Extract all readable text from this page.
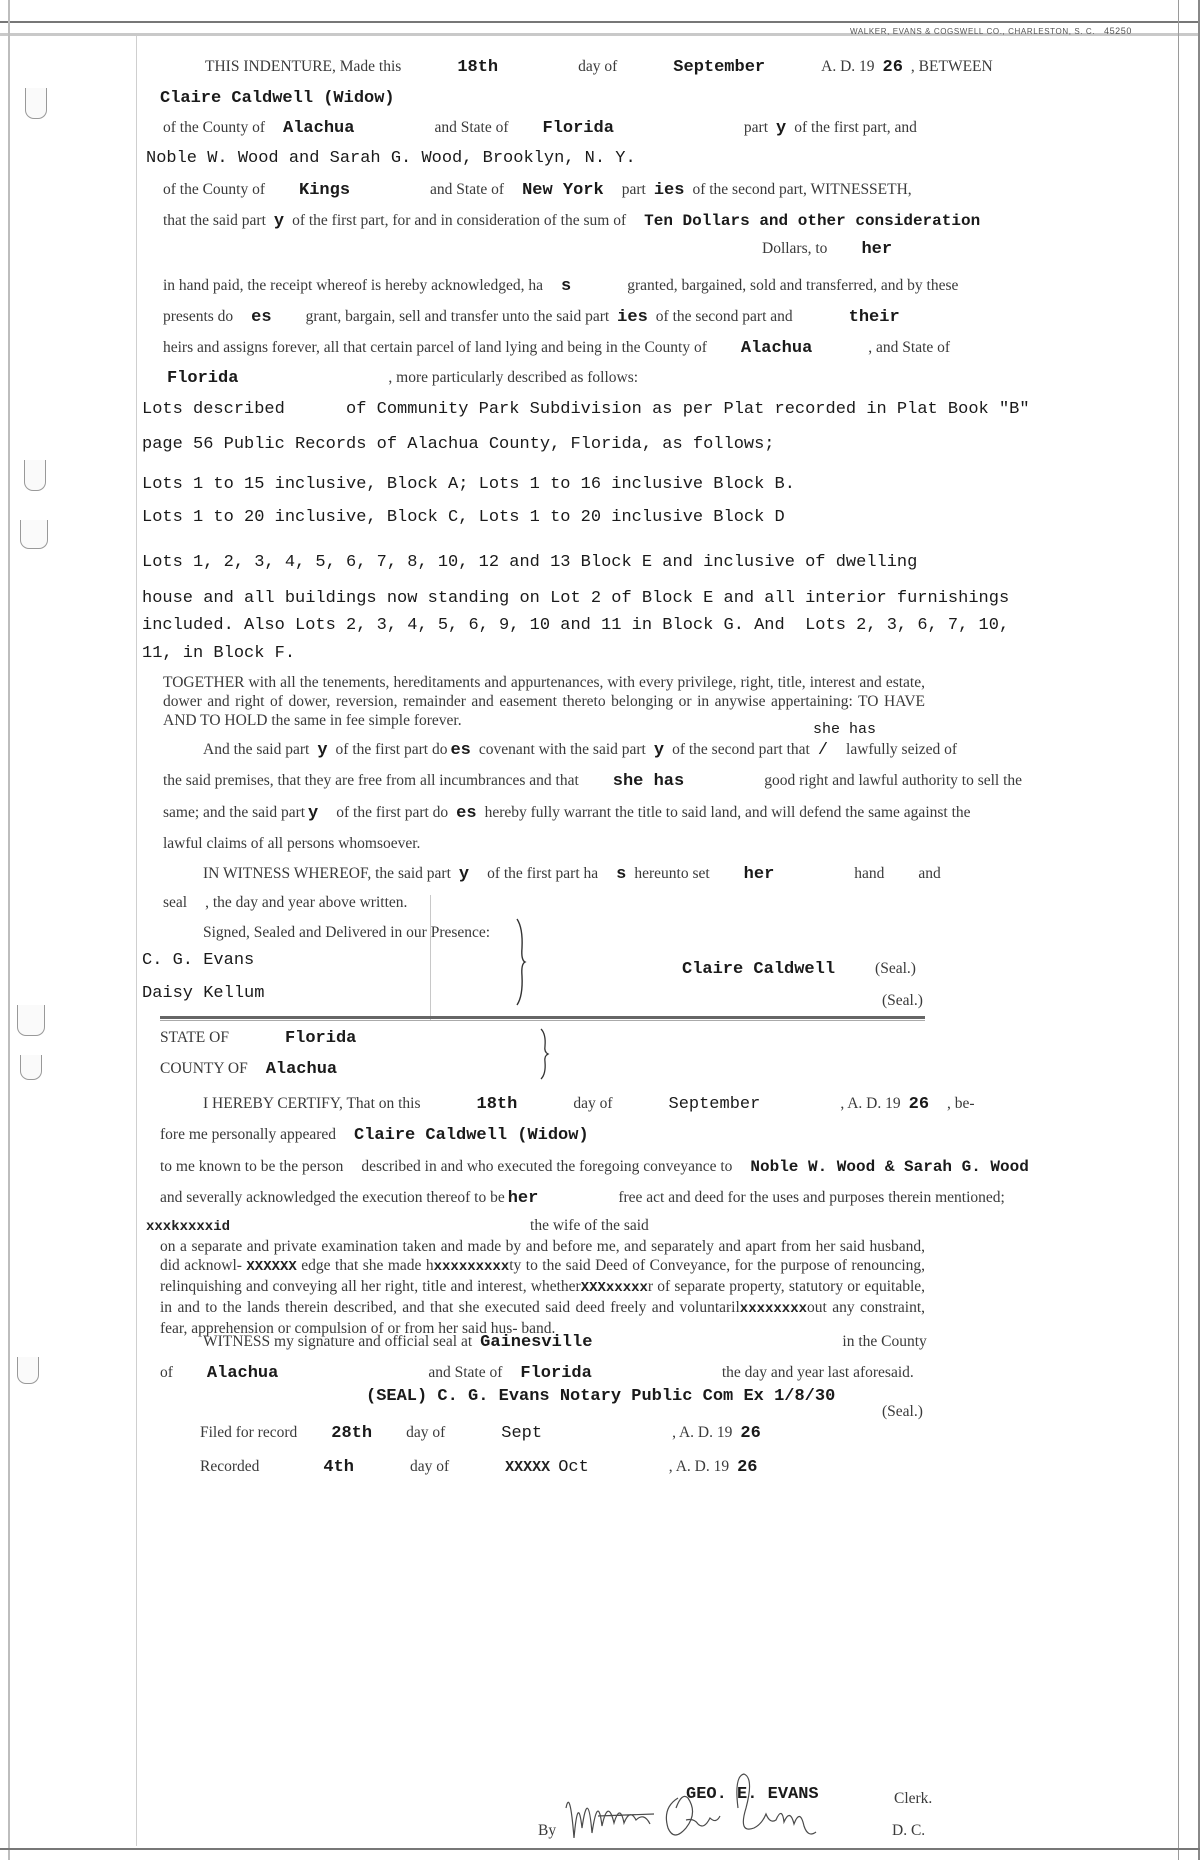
WALKER, EVANS & COGSWELL CO., CHARLESTON, S. C. 45250
THIS INDENTURE, Made this	18th	day of	September	A. D. 19 26 , BETWEEN
Claire Caldwell (Widow)
of the County of Alachua	and State of Florida	part y of the first part, and
Noble W. Wood and Sarah G. Wood, Brooklyn, N. Y.
of the County of Kings	and State of New York part ies of the second part, WITNESSETH,
that the said part y of the first part, for and in consideration of the sum of Ten Dollars and other consideration
Dollars, to her
in hand paid, the receipt whereof is hereby acknowledged, ha s	granted, bargained, sold and transferred, and by these
presents do es grant, bargain, sell and transfer unto the said part ies of the second part and	their
heirs and assigns forever, all that certain parcel of land lying and being in the County of Alachua	, and State of
Florida	, more particularly described as follows:
Lots described      of Community Park Subdivision as per Plat recorded in Plat Book "B"
page 56 Public Records of Alachua County, Florida, as follows;
Lots 1 to 15 inclusive, Block A; Lots 1 to 16 inclusive Block B.
Lots 1 to 20 inclusive, Block C, Lots 1 to 20 inclusive Block D
Lots 1, 2, 3, 4, 5, 6, 7, 8, 10, 12 and 13 Block E and inclusive of dwelling
house and all buildings now standing on Lot 2 of Block E and all interior furnishings
included. Also Lots 2, 3, 4, 5, 6, 9, 10 and 11 in Block G. And  Lots 2, 3, 6, 7, 10,
11, in Block F.
TOGETHER with all the tenements, hereditaments and appurtenances, with every privilege, right, title, interest and estate, dower and right of dower, reversion, remainder and easement thereto belonging or in anywise appertaining: TO HAVE AND TO HOLD the same in fee simple forever.
she has
And the said part y of the first part do es covenant with the said part y of the second part that / lawfully seized of
the said premises, that they are free from all incumbrances and that she has	good right and lawful authority to sell the
same; and the said part y of the first part do es hereby fully warrant the title to said land, and will defend the same against the
lawful claims of all persons whomsoever.
IN WITNESS WHEREOF, the said part y of the first part ha s hereunto set her	hand and
seal , the day and year above written.
Signed, Sealed and Delivered in our Presence:
C. G. Evans
Daisy Kellum
Claire Caldwell	(Seal.)
(Seal.)
STATE OF	Florida
COUNTY OF Alachua
I HEREBY CERTIFY, That on this	18th	day of	September	, A. D. 19 26 , be-
fore me personally appeared Claire Caldwell (Widow)
to me known to be the person described in and who executed the foregoing conveyance to Noble W. Wood & Sarah G. Wood
and severally acknowledged the execution thereof to be her	free act and deed for the uses and purposes therein mentioned;
xxxkxxxxid	the wife of the said
on a separate and private examination taken and made by and before me, and separately and apart from her said husband, did acknowl- XXXXXX edge that she made hxxxxxxxxxty to the said Deed of Conveyance, for the purpose of renouncing, relinquishing and conveying all her right, title and interest, whetherXXXxxxxxr of separate property, statutory or equitable, in and to the lands therein described, and that she executed said deed freely and voluntarilxxxxxxxxout any constraint, fear, apprehension or compulsion of or from her said hus- band.
WITNESS my signature and official seal at Gainesville	in the County
of Alachua	and State of Florida	the day and year last aforesaid.
(SEAL) C. G. Evans Notary Public Com Ex 1/8/30
(Seal.)
Filed for record 28th day of	Sept	, A. D. 19 26
Recorded	4th	day of	XXXXX Oct	, A. D. 19 26
GEO. E. EVANS	Clerk.
By	D. C.
